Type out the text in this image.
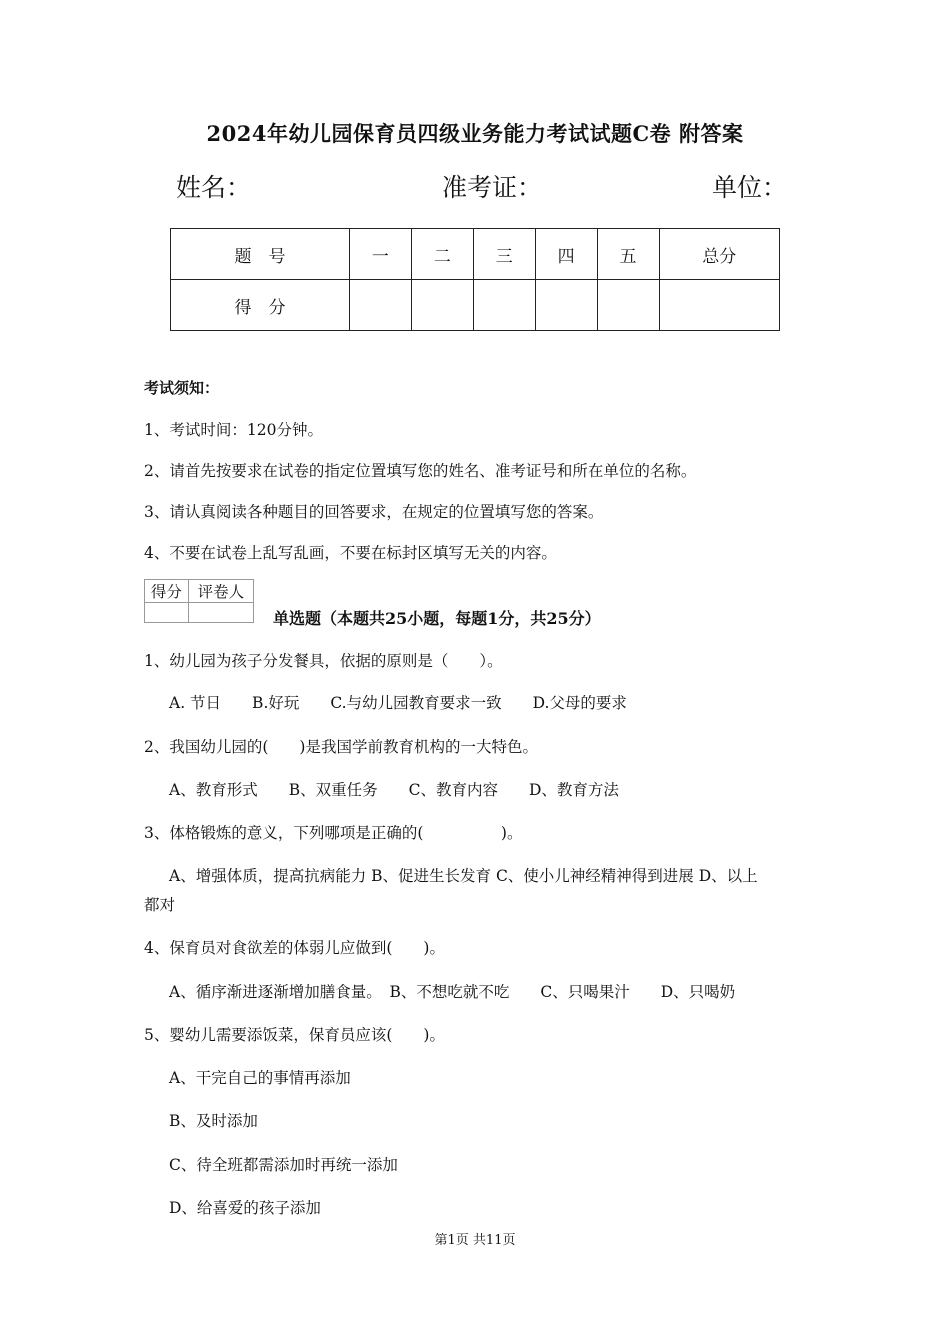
2024年幼儿园保育员四级业务能力考试试题C卷 附答案
姓名：	准考证：	单位：
题　号	一	二	三	四	五	总分
得　分						
考试须知：
1、考试时间：120分钟。
2、请首先按要求在试卷的指定位置填写您的姓名、准考证号和所在单位的名称。
3、请认真阅读各种题目的回答要求，在规定的位置填写您的答案。
4、不要在试卷上乱写乱画，不要在标封区填写无关的内容。
得分	评卷人

单选题（本题共25小题，每题1分，共25分）
1、幼儿园为孩子分发餐具，依据的原则是（　　）。
A. 节日　　B.好玩　　C.与幼儿园教育要求一致　　D.父母的要求
2、我国幼儿园的(　　)是我国学前教育机构的一大特色。
A、教育形式　　B、双重任务　　C、教育内容　　D、教育方法
3、体格锻炼的意义，下列哪项是正确的(　　　　　)。
A、增强体质，提高抗病能力 B、促进生长发育 C、使小儿神经精神得到进展 D、以上
都对
4、保育员对食欲差的体弱儿应做到(　　)。
A、循序渐进逐渐增加膳食量。　B、不想吃就不吃　　C、只喝果汁　　D、只喝奶
5、婴幼儿需要添饭菜，保育员应该(　　)。
A、干完自己的事情再添加
B、及时添加
C、待全班都需添加时再统一添加
D、给喜爱的孩子添加
第1页 共11页
